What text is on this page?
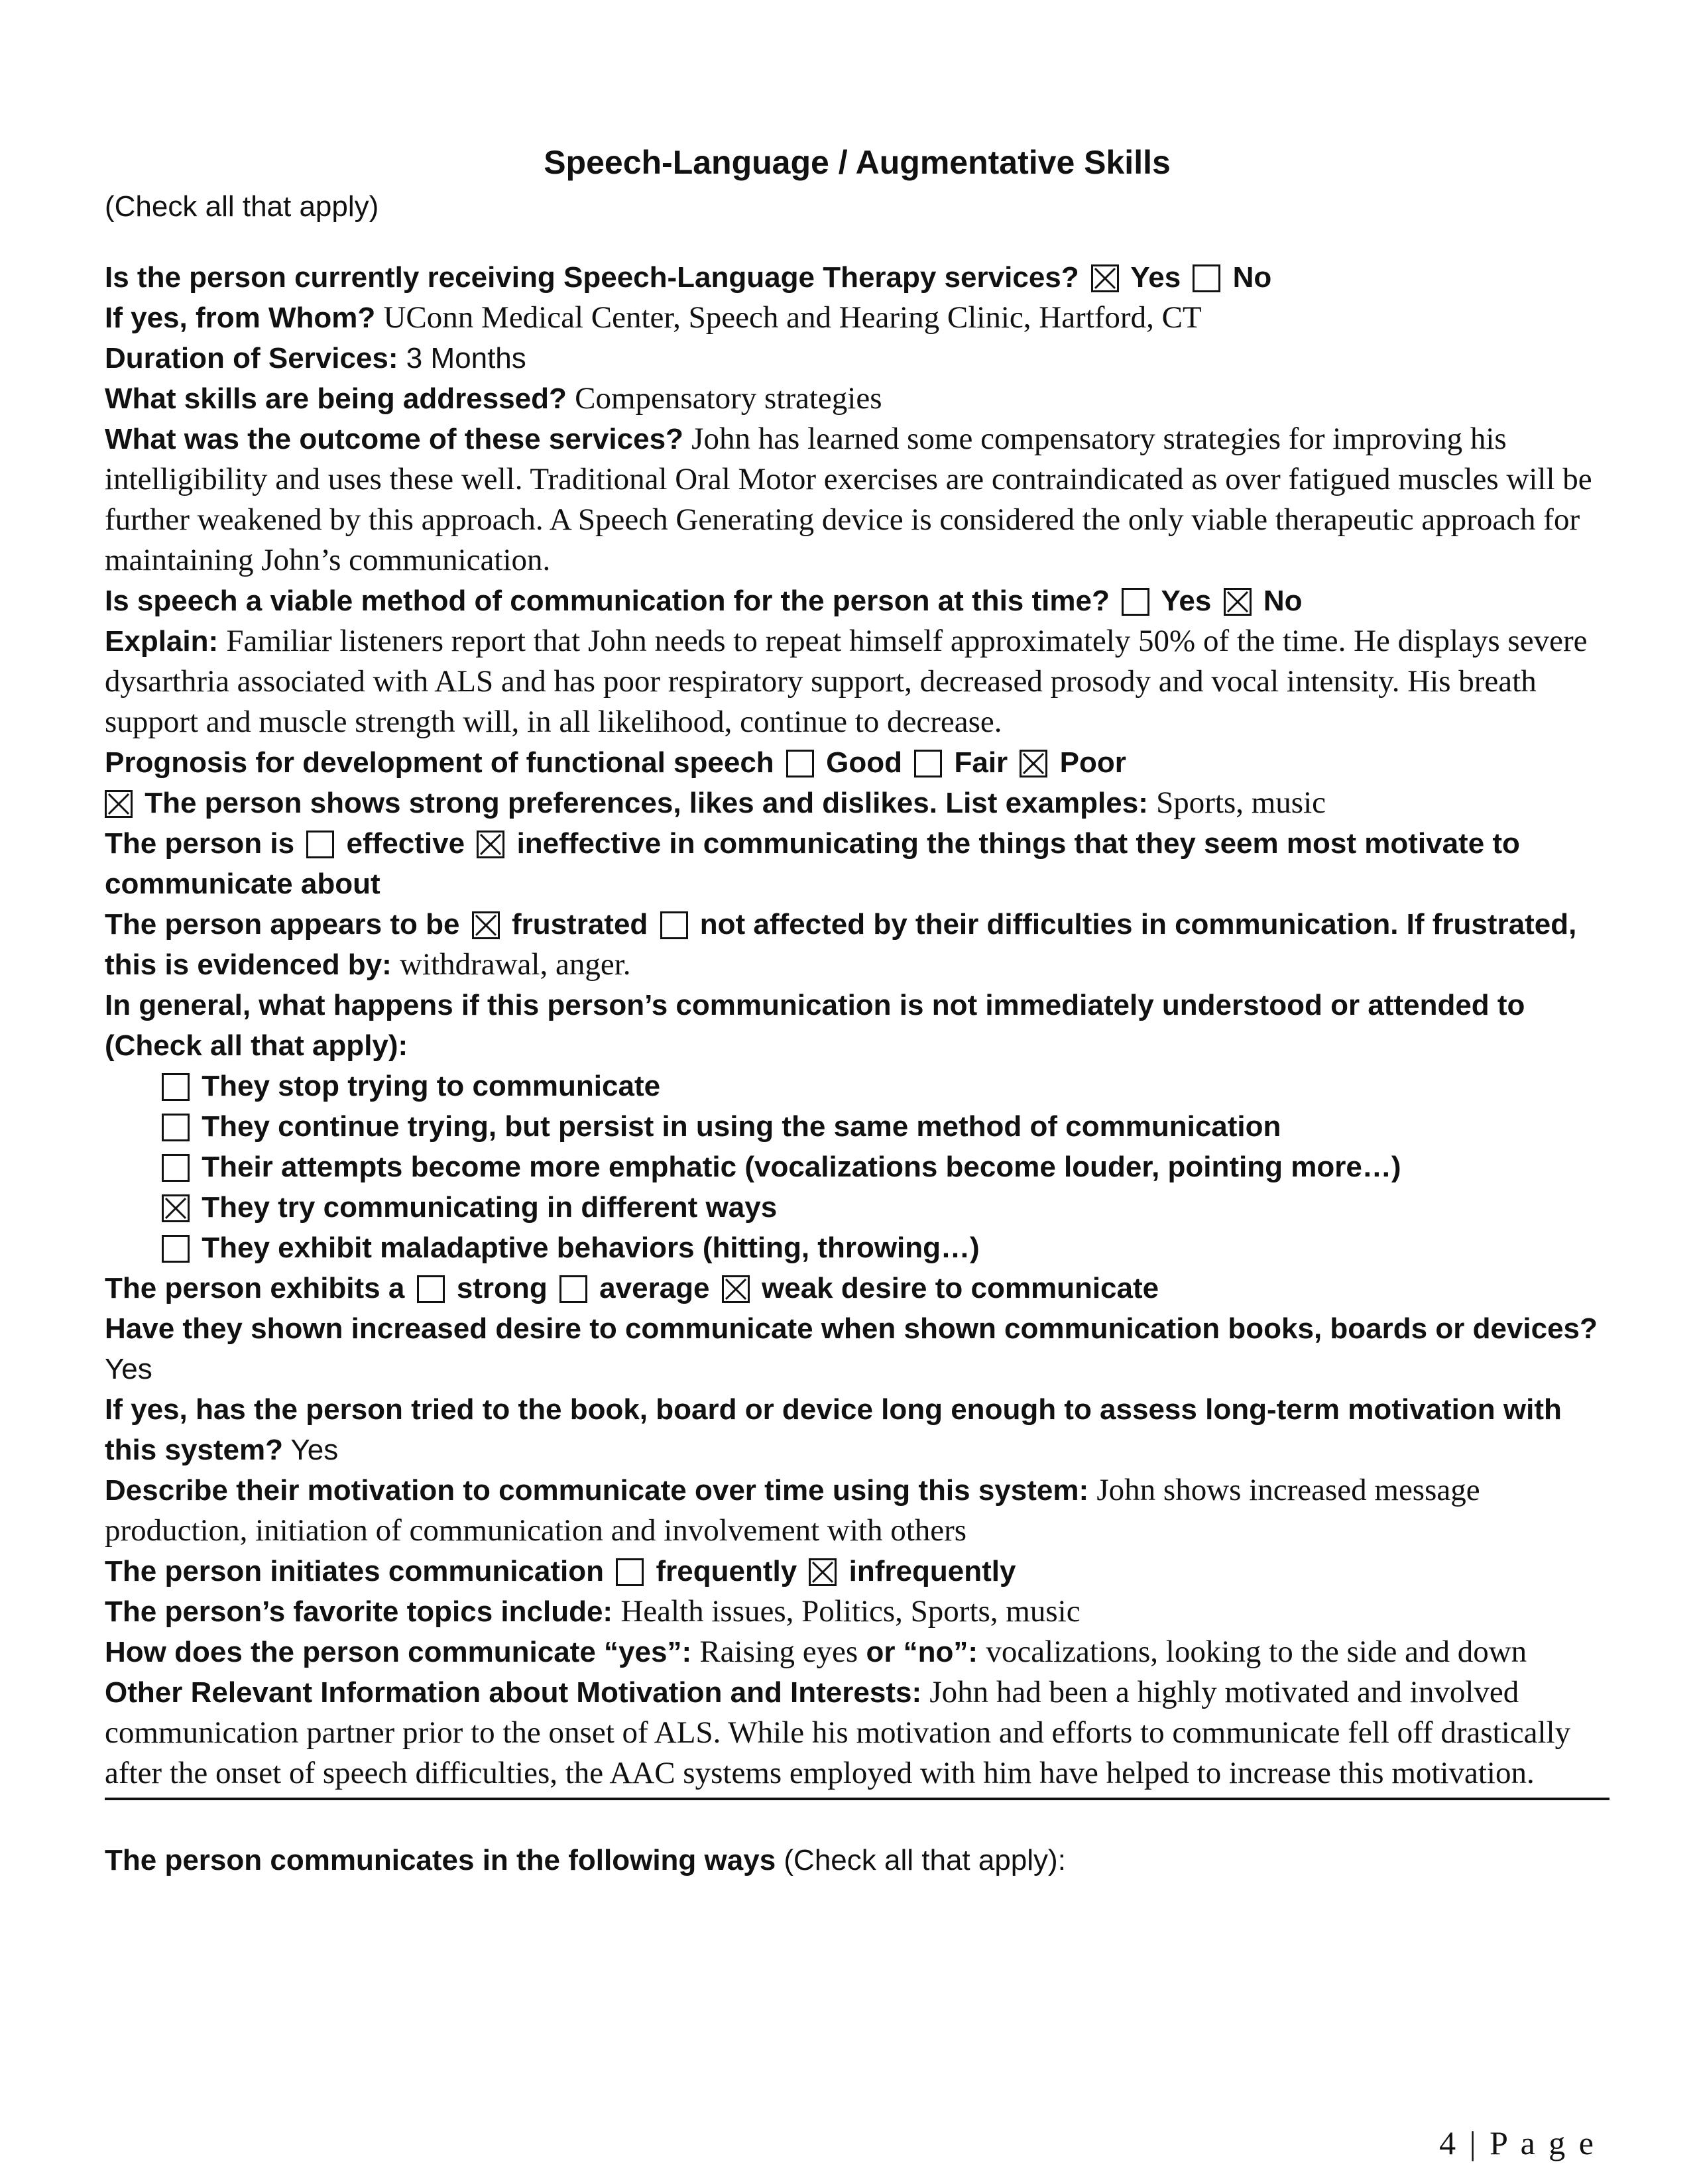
Speech-Language / Augmentative Skills
(Check all that apply)
Is the person currently receiving Speech-Language Therapy services? Yes No
If yes, from Whom? UConn Medical Center, Speech and Hearing Clinic, Hartford, CT
Duration of Services: 3 Months
What skills are being addressed? Compensatory strategies
What was the outcome of these services? John has learned some compensatory strategies for improving his intelligibility and uses these well. Traditional Oral Motor exercises are contraindicated as over fatigued muscles will be further weakened by this approach. A Speech Generating device is considered the only viable therapeutic approach for maintaining John’s communication.
Is speech a viable method of communication for the person at this time? Yes No
Explain: Familiar listeners report that John needs to repeat himself approximately 50% of the time. He displays severe dysarthria associated with ALS and has poor respiratory support, decreased prosody and vocal intensity. His breath support and muscle strength will, in all likelihood, continue to decrease.
Prognosis for development of functional speech Good Fair Poor
The person shows strong preferences, likes and dislikes. List examples: Sports, music
The person is effective ineffective in communicating the things that they seem most motivate to communicate about
The person appears to be frustrated not affected by their difficulties in communication. If frustrated, this is evidenced by: withdrawal, anger.
In general, what happens if this person’s communication is not immediately understood or attended to (Check all that apply):
They stop trying to communicate
They continue trying, but persist in using the same method of communication
Their attempts become more emphatic (vocalizations become louder, pointing more…)
They try communicating in different ways
They exhibit maladaptive behaviors (hitting, throwing…)
The person exhibits a strong average weak desire to communicate
Have they shown increased desire to communicate when shown communication books, boards or devices?
Yes
If yes, has the person tried to the book, board or device long enough to assess long-term motivation with this system? Yes
Describe their motivation to communicate over time using this system: John shows increased message production, initiation of communication and involvement with others
The person initiates communication frequently infrequently
The person’s favorite topics include: Health issues, Politics, Sports, music
How does the person communicate “yes”: Raising eyes or “no”: vocalizations, looking to the side and down
Other Relevant Information about Motivation and Interests: John had been a highly motivated and involved communication partner prior to the onset of ALS. While his motivation and efforts to communicate fell off drastically after the onset of speech difficulties, the AAC systems employed with him have helped to increase this motivation.
The person communicates in the following ways (Check all that apply):
4 | P a g e
